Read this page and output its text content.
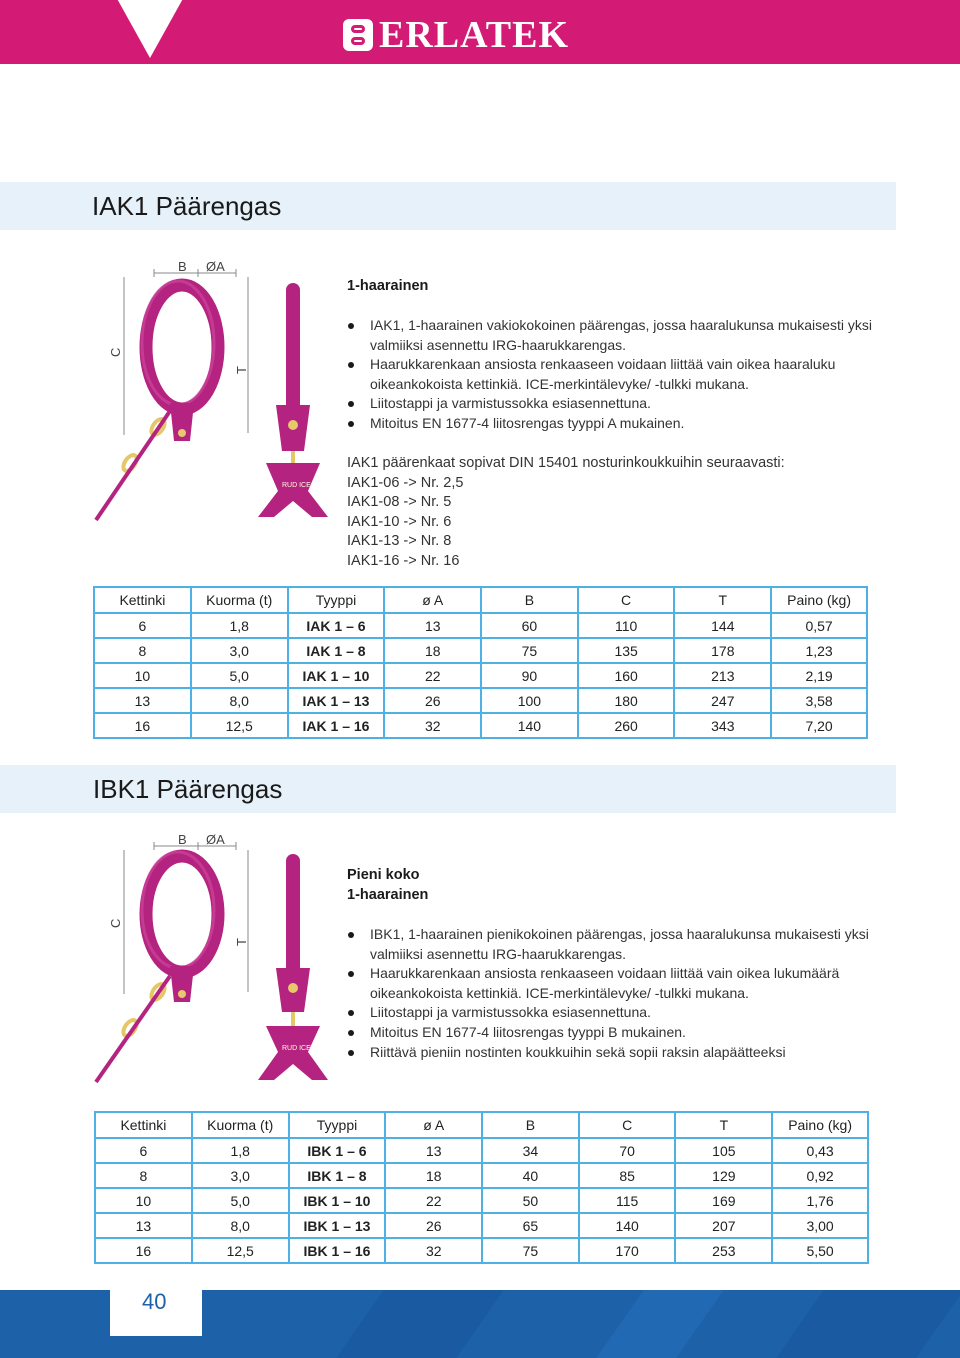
ERLATEK
IAK1 Päärengas
B ØA
C
T
RUD ICE
1-haarainen
IAK1, 1-haarainen vakiokokoinen päärengas, jossa haaralukunsa mukaisesti yksi valmiiksi asennettu IRG-haarukkarengas.
Haarukkarenkaan ansiosta renkaaseen voidaan liittää vain oikea haaraluku oikeankokoista kettinkiä. ICE-merkintälevyke/ -tulkki mukana.
Liitostappi ja varmistussokka esiasennettuna.
Mitoitus EN 1677-4 liitosrengas tyyppi A mukainen.
IAK1 päärenkaat sopivat DIN 15401 nosturinkoukkuihin seuraavasti:
IAK1-06 -> Nr. 2,5
IAK1-08 -> Nr. 5
IAK1-10 -> Nr. 6
IAK1-13 -> Nr. 8
IAK1-16 -> Nr. 16
Kettinki	Kuorma (t)	Tyyppi	ø A	B	C	T	Paino (kg)
6	1,8	IAK 1 – 6	13	60	110	144	0,57
8	3,0	IAK 1 – 8	18	75	135	178	1,23
10	5,0	IAK 1 – 10	22	90	160	213	2,19
13	8,0	IAK 1 – 13	26	100	180	247	3,58
16	12,5	IAK 1 – 16	32	140	260	343	7,20
IBK1 Päärengas
B ØA
C
T
RUD ICE
Pieni koko
1-haarainen
IBK1, 1-haarainen pienikokoinen päärengas, jossa haaralukunsa mukaisesti yksi valmiiksi asennettu IRG-haarukkarengas.
Haarukkarenkaan ansiosta renkaaseen voidaan liittää vain oikea lukumäärä oikeankokoista kettinkiä. ICE-merkintälevyke/ -tulkki mukana.
Liitostappi ja varmistussokka esiasennettuna.
Mitoitus EN 1677-4 liitosrengas tyyppi B mukainen.
Riittävä pieniin nostinten koukkuihin sekä sopii raksin alapäätteeksi
Kettinki	Kuorma (t)	Tyyppi	ø A	B	C	T	Paino (kg)
6	1,8	IBK 1 – 6	13	34	70	105	0,43
8	3,0	IBK 1 – 8	18	40	85	129	0,92
10	5,0	IBK 1 – 10	22	50	115	169	1,76
13	8,0	IBK 1 – 13	26	65	140	207	3,00
16	12,5	IBK 1 – 16	32	75	170	253	5,50
40
